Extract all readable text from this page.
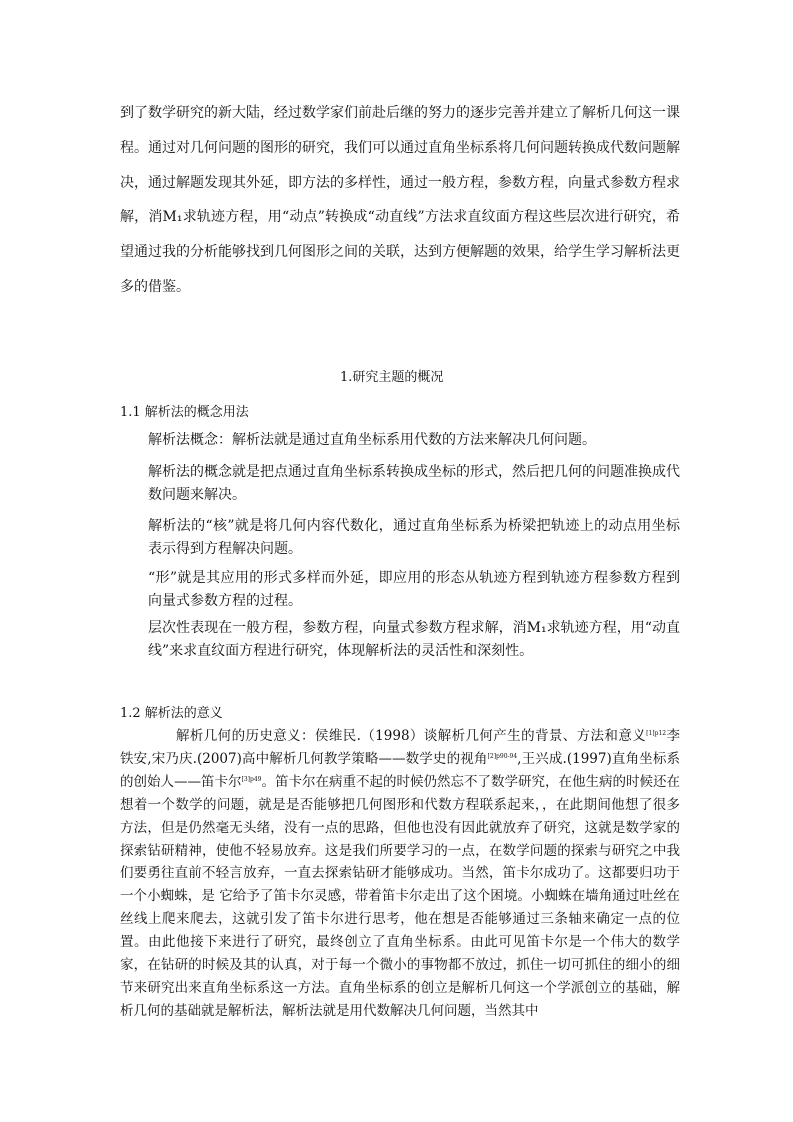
到了数学研究的新大陆，经过数学家们前赴后继的努力的逐步完善并建立了解析几何这一课程。通过对几何问题的图形的研究，我们可以通过直角坐标系将几何问题转换成代数问题解决，通过解题发现其外延，即方法的多样性，通过一般方程，参数方程，向量式参数方程求解，消M₁求轨迹方程，用“动点”转换成“动直线”方法求直纹面方程这些层次进行研究，希望通过我的分析能够找到几何图形之间的关联，达到方便解题的效果，给学生学习解析法更多的借鉴。

1.研究主题的概况
1.1 解析法的概念用法

解析法概念：解析法就是通过直角坐标系用代数的方法来解决几何问题。

解析法的概念就是把点通过直角坐标系转换成坐标的形式，然后把几何的问题准换成代数问题来解决。

解析法的“核”就是将几何内容代数化，通过直角坐标系为桥梁把轨迹上的动点用坐标表示得到方程解决问题。

“形”就是其应用的形式多样而外延，即应用的形态从轨迹方程到轨迹方程参数方程到向量式参数方程的过程。

层次性表现在一般方程，参数方程，向量式参数方程求解，消M₁求轨迹方程，用“动直线”来求直纹面方程进行研究，体现解析法的灵活性和深刻性。

1.2 解析法的意义

解析几何的历史意义：侯维民.（1998）谈解析几何产生的背景、方法和意义$^{[1]p12}$李铁安,宋乃庆.(2007)高中解析几何教学策略——数学史的视角$^{[2]p90-94}$,王兴成.(1997)直角坐标系的创始人——笛卡尔$^{[3]p49}$。笛卡尔在病重不起的时候仍然忘不了数学研究，在他生病的时候还在想着一个数学的问题，就是是否能够把几何图形和代数方程联系起来，，在此期间他想了很多方法，但是仍然毫无头绪，没有一点的思路，但他也没有因此就放弃了研究，这就是数学家的探索钻研精神，使他不轻易放弃。这是我们所要学习的一点，在数学问题的探索与研究之中我们要勇往直前不轻言放弃，一直去探索钻研才能够成功。当然，笛卡尔成功了。这都要归功于一个小蜘蛛，是 它给予了笛卡尔灵感，带着笛卡尔走出了这个困境。小蜘蛛在墙角通过吐丝在丝线上爬来爬去，这就引发了笛卡尔进行思考，他在想是否能够通过三条轴来确定一点的位置。由此他接下来进行了研究，最终创立了直角坐标系。由此可见笛卡尔是一个伟大的数学家，在钻研的时候及其的认真，对于每一个微小的事物都不放过，抓住一切可抓住的细小的细节来研究出来直角坐标系这一方法。直角坐标系的创立是解析几何这一个学派创立的基础，解析几何的基础就是解析法，解析法就是用代数解决几何问题，当然其中
